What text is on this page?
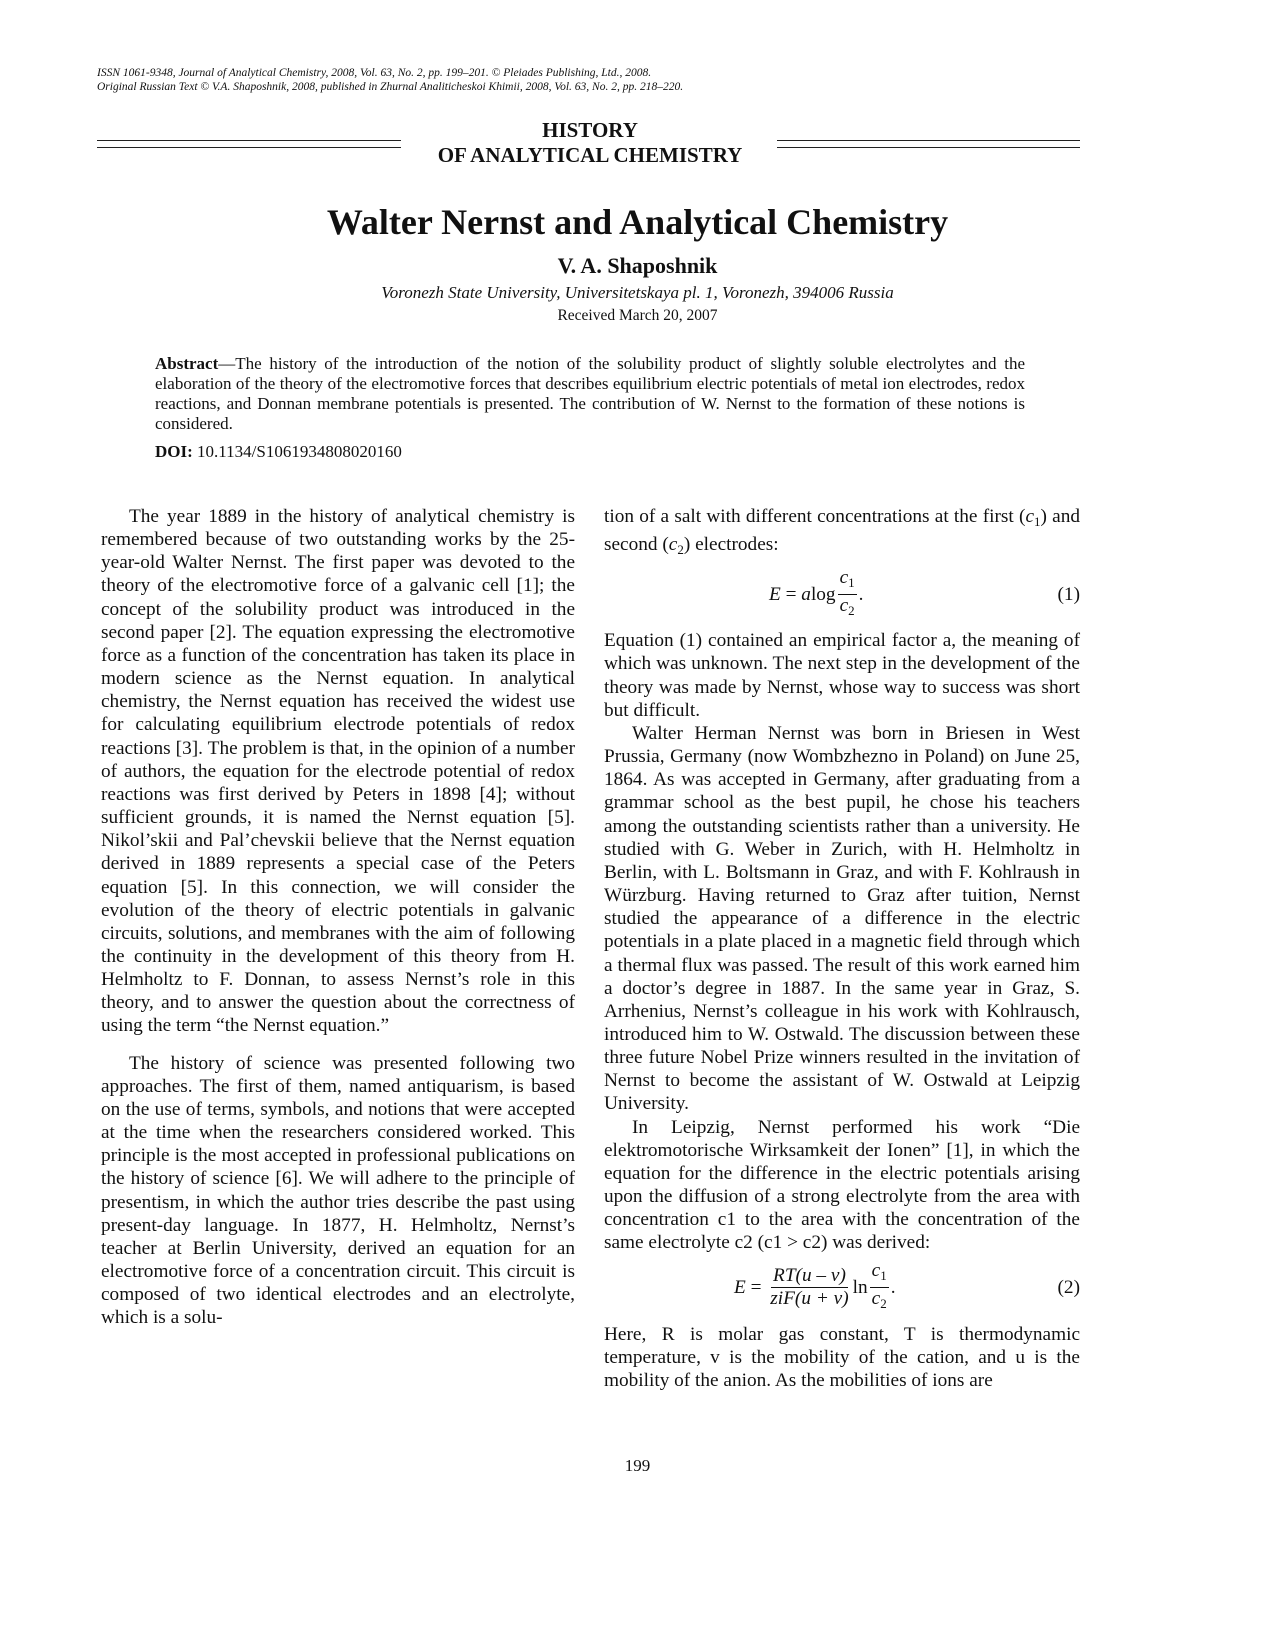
ISSN 1061-9348, Journal of Analytical Chemistry, 2008, Vol. 63, No. 2, pp. 199–201. © Pleiades Publishing, Ltd., 2008.
Original Russian Text © V.A. Shaposhnik, 2008, published in Zhurnal Analiticheskoi Khimii, 2008, Vol. 63, No. 2, pp. 218–220.
HISTORY
OF ANALYTICAL CHEMISTRY
Walter Nernst and Analytical Chemistry
V. A. Shaposhnik
Voronezh State University, Universitetskaya pl. 1, Voronezh, 394006 Russia
Received March 20, 2007
Abstract—The history of the introduction of the notion of the solubility product of slightly soluble electrolytes and the elaboration of the theory of the electromotive forces that describes equilibrium electric potentials of metal ion electrodes, redox reactions, and Donnan membrane potentials is presented. The contribution of W. Nernst to the formation of these notions is considered.
DOI: 10.1134/S1061934808020160

The year 1889 in the history of analytical chemistry is remembered because of two outstanding works by the 25-year-old Walter Nernst. The first paper was devoted to the theory of the electromotive force of a galvanic cell [1]; the concept of the solubility product was introduced in the second paper [2]. The equation expressing the electromotive force as a function of the concentration has taken its place in modern science as the Nernst equation. In analytical chemistry, the Nernst equation has received the widest use for calculating equilibrium electrode potentials of redox reactions [3]. The problem is that, in the opinion of a number of authors, the equation for the electrode potential of redox reactions was first derived by Peters in 1898 [4]; without sufficient grounds, it is named the Nernst equation [5]. Nikol’skii and Pal’chevskii believe that the Nernst equation derived in 1889 represents a special case of the Peters equation [5]. In this connection, we will consider the evolution of the theory of electric potentials in galvanic circuits, solutions, and membranes with the aim of following the continuity in the development of this theory from H. Helmholtz to F. Donnan, to assess Nernst’s role in this theory, and to answer the question about the correctness of using the term “the Nernst equation.”

The history of science was presented following two approaches. The first of them, named antiquarism, is based on the use of terms, symbols, and notions that were accepted at the time when the researchers considered worked. This principle is the most accepted in professional publications on the history of science [6]. We will adhere to the principle of presentism, in which the author tries describe the past using present-day language. In 1877, H. Helmholtz, Nernst’s teacher at Berlin University, derived an equation for an electromotive force of a concentration circuit. This circuit is composed of two identical electrodes and an electrolyte, which is a solu-

tion of a salt with different concentrations at the first $(c_1)$ and second $(c_2)$ electrodes:

E = a $\log \frac{c_1}{c_2}$ .	(1)

Equation (1) contained an empirical factor a, the meaning of which was unknown. The next step in the development of the theory was made by Nernst, whose way to success was short but difficult.

Walter Herman Nernst was born in Briesen in West Prussia, Germany (now Wombzhezno in Poland) on June 25, 1864. As was accepted in Germany, after graduating from a grammar school as the best pupil, he chose his teachers among the outstanding scientists rather than a university. He studied with G. Weber in Zurich, with H. Helmholtz in Berlin, with L. Boltsmann in Graz, and with F. Kohlraush in Würzburg. Having returned to Graz after tuition, Nernst studied the appearance of a difference in the electric potentials in a plate placed in a magnetic field through which a thermal flux was passed. The result of this work earned him a doctor’s degree in 1887. In the same year in Graz, S. Arrhenius, Nernst’s colleague in his work with Kohlrausch, introduced him to W. Ostwald. The discussion between these three future Nobel Prize winners resulted in the invitation of Nernst to become the assistant of W. Ostwald at Leipzig University.

In Leipzig, Nernst performed his work “Die elektromotorische Wirksamkeit der Ionen” [1], in which the equation for the difference in the electric potentials arising upon the diffusion of a strong electrolyte from the area with concentration c1 to the area with the concentration of the same electrolyte c2 (c1 > c2) was derived:

$E = \frac{RT(u - v)}{\text{ziF(u + v)}}$ $\ln \frac{c_1}{c_2}$ .	(2)

Here, R is molar gas constant, T is thermodynamic temperature, v is the mobility of the cation, and u is the mobility of the anion. As the mobilities of ions are

199
